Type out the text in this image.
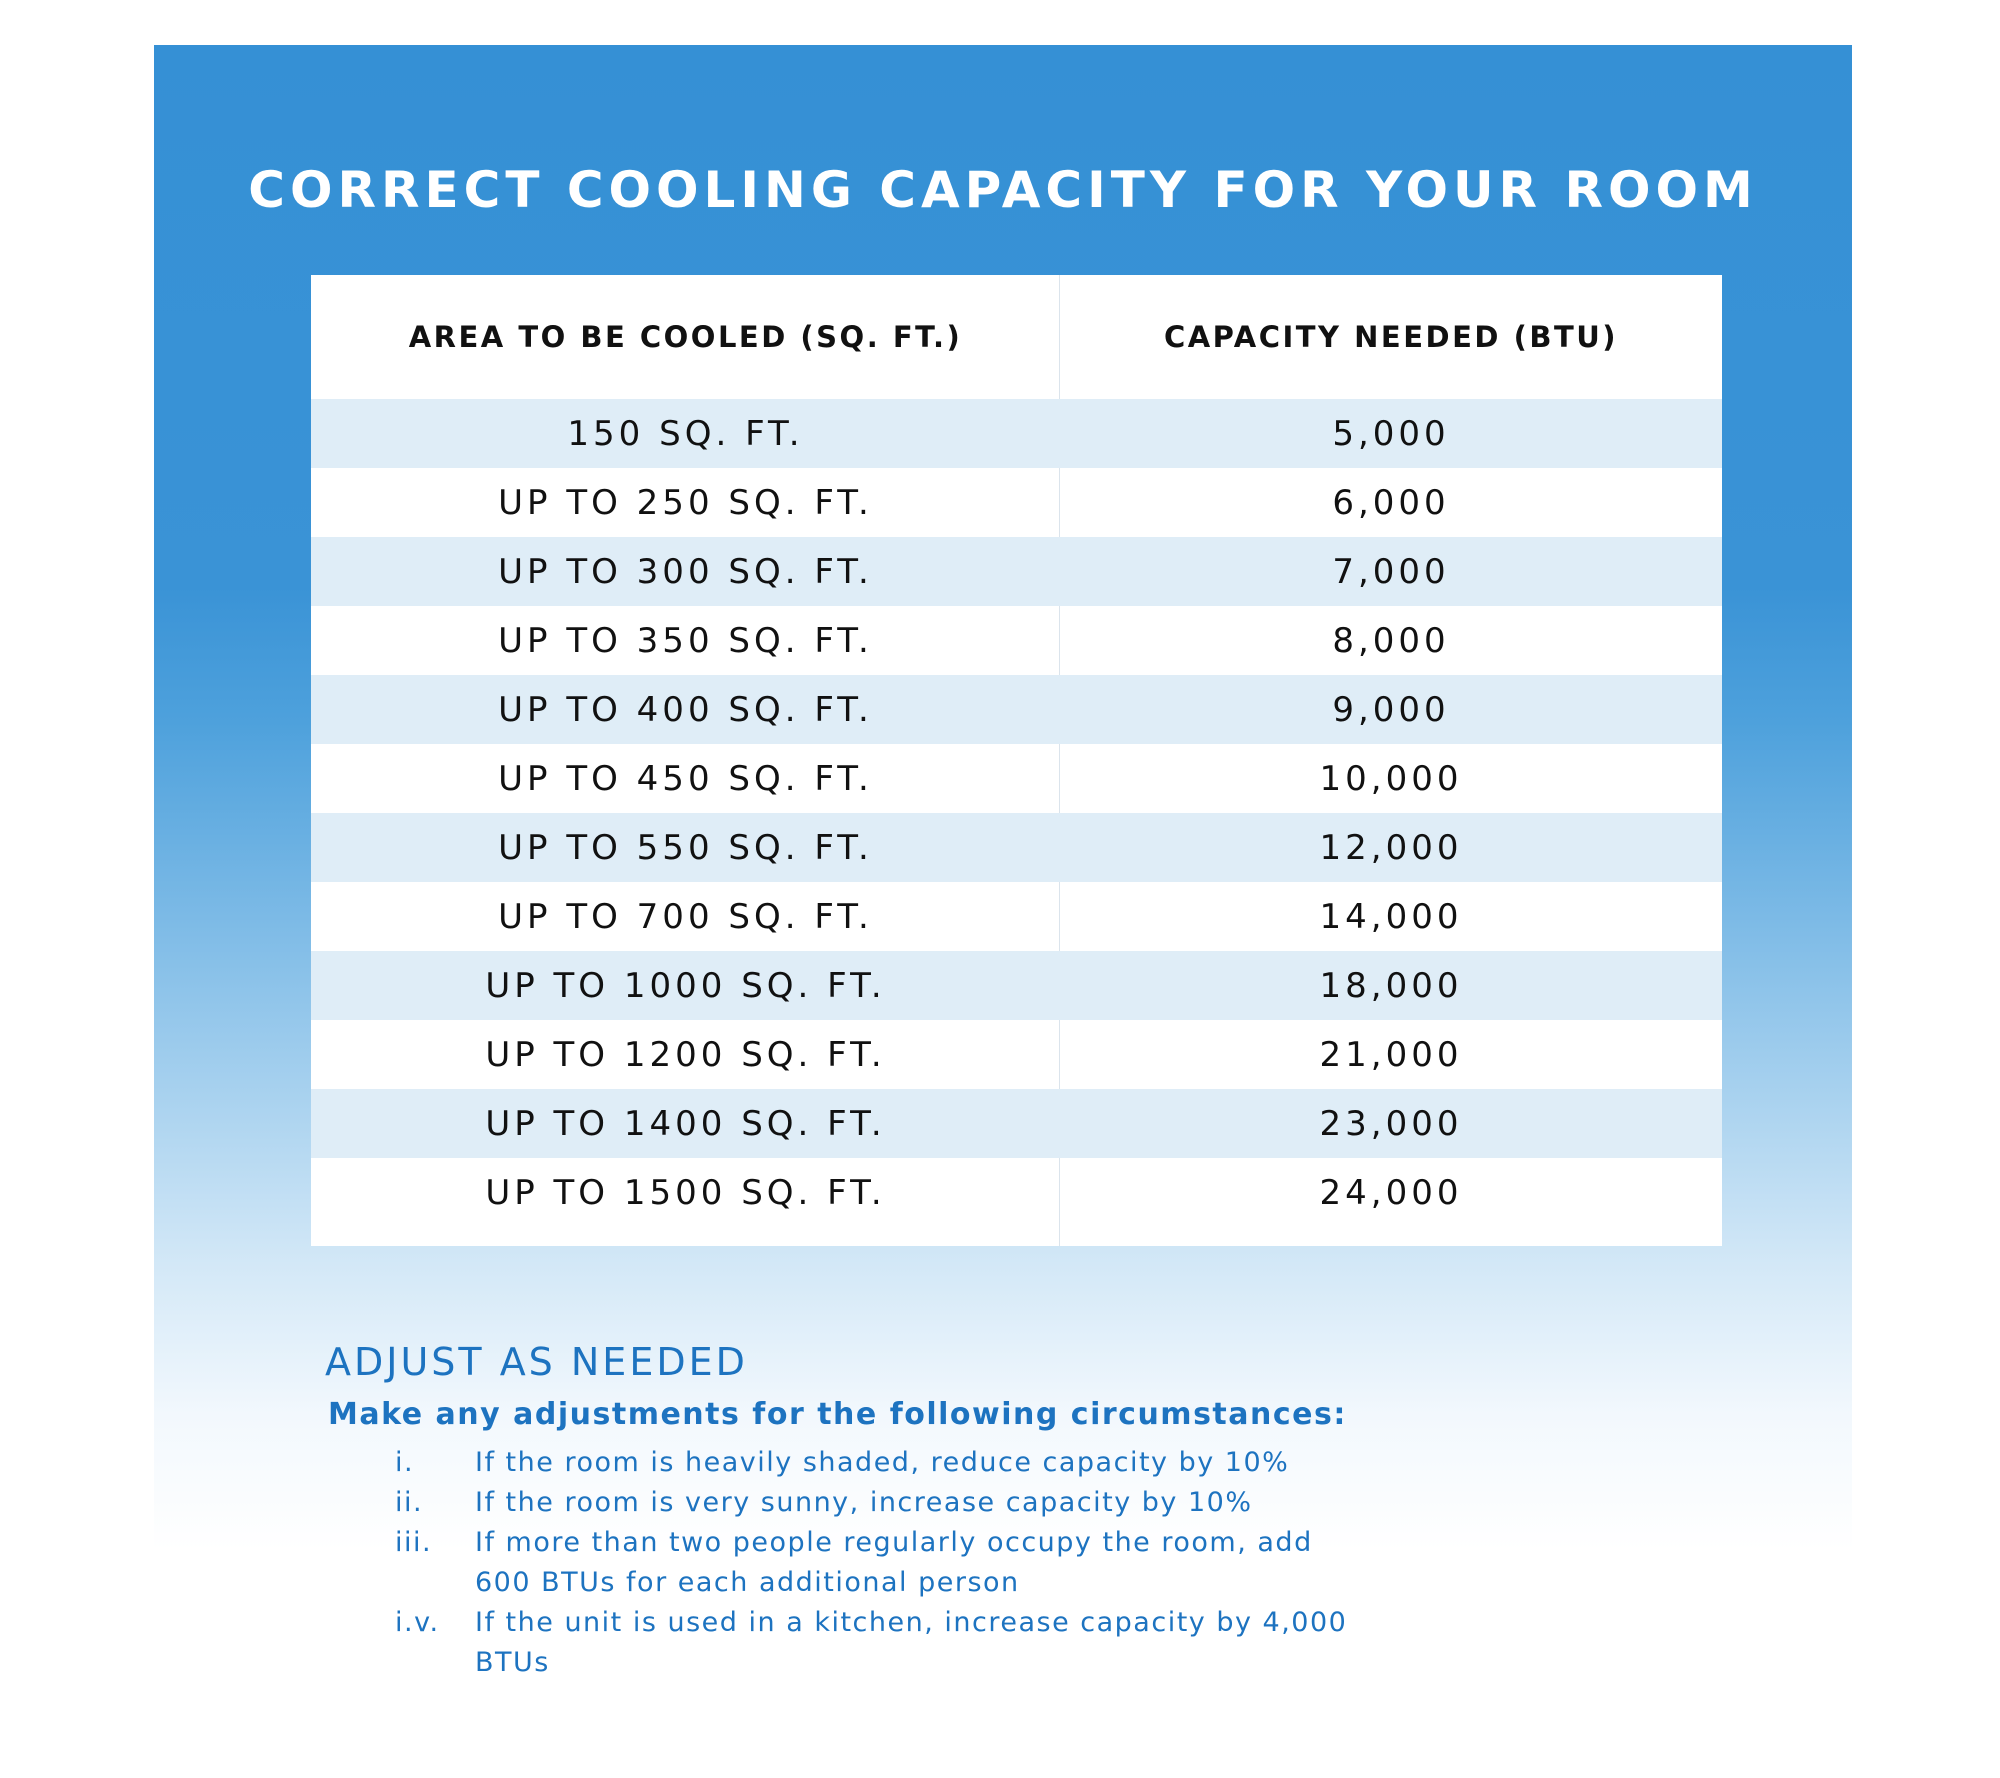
CORRECT COOLING CAPACITY FOR YOUR ROOM
AREA TO BE COOLED (SQ. FT.)	CAPACITY NEEDED (BTU)
150 SQ. FT.	5,000
UP TO 250 SQ. FT.	6,000
UP TO 300 SQ. FT.	7,000
UP TO 350 SQ. FT.	8,000
UP TO 400 SQ. FT.	9,000
UP TO 450 SQ. FT.	10,000
UP TO 550 SQ. FT.	12,000
UP TO 700 SQ. FT.	14,000
UP TO 1000 SQ. FT.	18,000
UP TO 1200 SQ. FT.	21,000
UP TO 1400 SQ. FT.	23,000
UP TO 1500 SQ. FT.	24,000
ADJUST AS NEEDED

Make any adjustments for the following circumstances:

i.	If the room is heavily shaded, reduce capacity by 10%
ii.	If the room is very sunny, increase capacity by 10%
iii.	If more than two people regularly occupy the room, add 600 BTUs for each additional person
i.v.	If the unit is used in a kitchen, increase capacity by 4,000 BTUs
